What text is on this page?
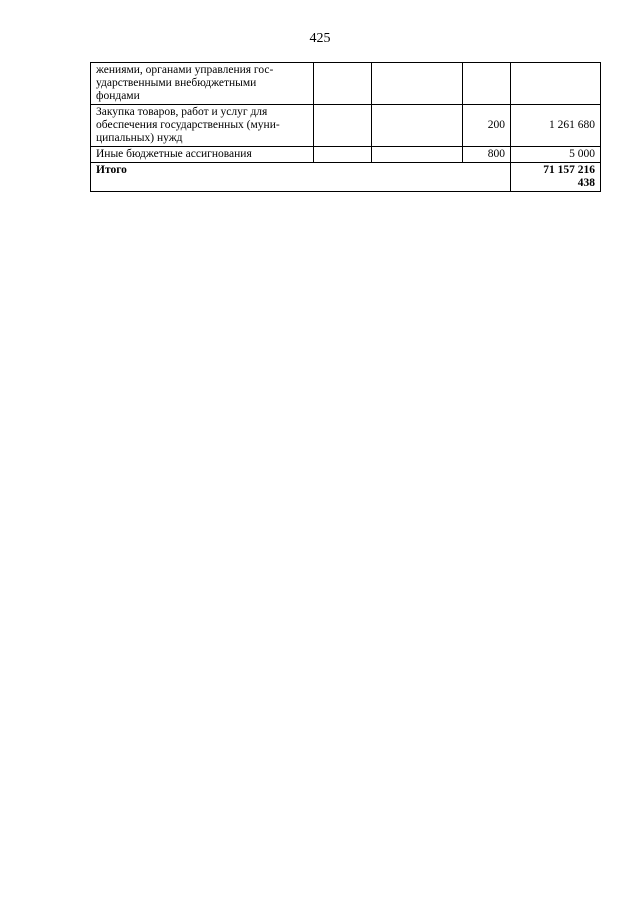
425
жениями, органами управления гос-
ударственными внебюджетными
фондами				

Закупка товаров, работ и услуг для
обеспечения государственных (муни-
ципальных) нужд			200	1 261 680

Иные бюджетные ассигнования			800	5 000
Итого				71 157 216
438
